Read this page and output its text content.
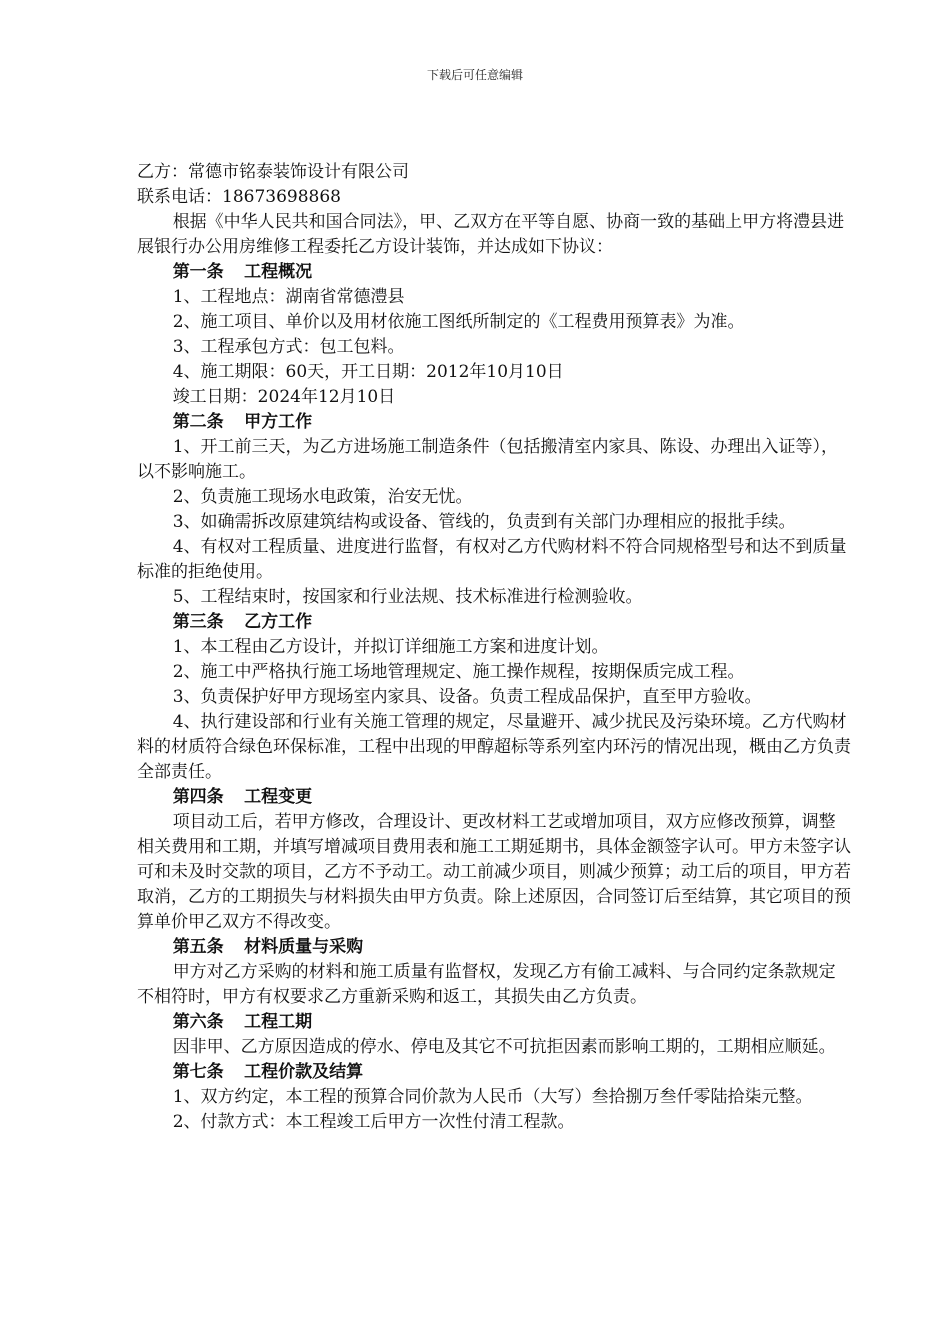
下载后可任意编辑

乙方：常德市铭泰装饰设计有限公司

联系电话：18673698868

根据《中华人民共和国合同法》，甲、乙双方在平等自愿、协商一致的基础上甲方将澧县进展银行办公用房维修工程委托乙方设计装饰，并达成如下协议：

第一条 工程概况

1、工程地点：湖南省常德澧县

2、施工项目、单价以及用材依施工图纸所制定的《工程费用预算表》为准。

3、工程承包方式：包工包料。

4、施工期限：60天，开工日期：2012年10月10日

竣工日期：2024年12月10日

第二条 甲方工作

1、开工前三天，为乙方进场施工制造条件（包括搬清室内家具、陈设、办理出入证等），以不影响施工。

2、负责施工现场水电政策，治安无忧。

3、如确需拆改原建筑结构或设备、管线的，负责到有关部门办理相应的报批手续。

4、有权对工程质量、进度进行监督，有权对乙方代购材料不符合同规格型号和达不到质量标准的拒绝使用。

5、工程结束时，按国家和行业法规、技术标准进行检测验收。

第三条 乙方工作

1、本工程由乙方设计，并拟订详细施工方案和进度计划。

2、施工中严格执行施工场地管理规定、施工操作规程，按期保质完成工程。

3、负责保护好甲方现场室内家具、设备。负责工程成品保护，直至甲方验收。

4、执行建设部和行业有关施工管理的规定，尽量避开、减少扰民及污染环境。乙方代购材料的材质符合绿色环保标准，工程中出现的甲醇超标等系列室内环污的情况出现，概由乙方负责全部责任。

第四条 工程变更

项目动工后，若甲方修改，合理设计、更改材料工艺或增加项目，双方应修改预算，调整相关费用和工期，并填写增减项目费用表和施工工期延期书，具体金额签字认可。甲方未签字认可和未及时交款的项目，乙方不予动工。动工前减少项目，则减少预算；动工后的项目，甲方若取消，乙方的工期损失与材料损失由甲方负责。除上述原因，合同签订后至结算，其它项目的预算单价甲乙双方不得改变。

第五条 材料质量与采购

甲方对乙方采购的材料和施工质量有监督权，发现乙方有偷工减料、与合同约定条款规定不相符时，甲方有权要求乙方重新采购和返工，其损失由乙方负责。

第六条 工程工期

因非甲、乙方原因造成的停水、停电及其它不可抗拒因素而影响工期的，工期相应顺延。

第七条 工程价款及结算

1、双方约定，本工程的预算合同价款为人民币（大写）叁拾捌万叁仟零陆拾柒元整。

2、付款方式：本工程竣工后甲方一次性付清工程款。
